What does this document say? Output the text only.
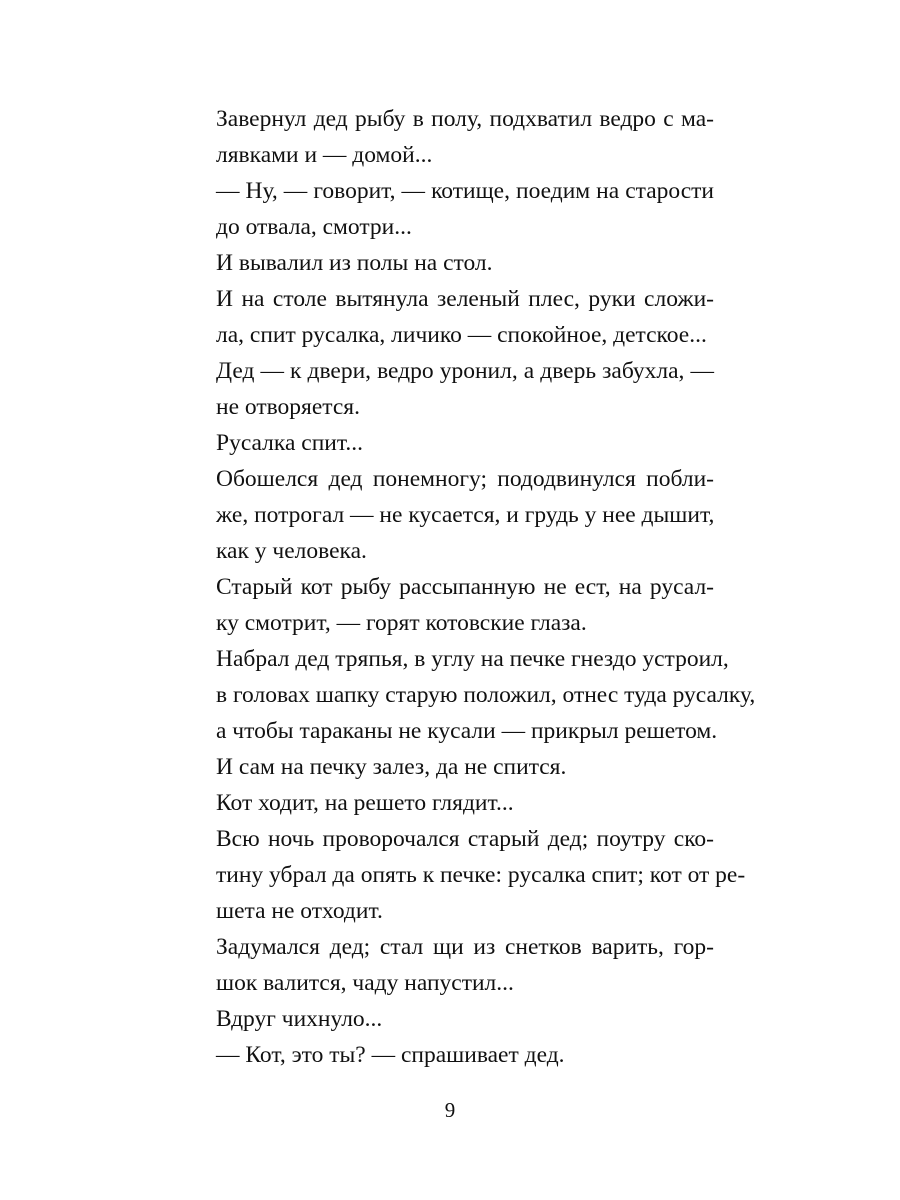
Завернул дед рыбу в полу, подхватил ведро с ма-
лявками и — домой...

— Ну, — говорит, — котище, поедим на старости
до отвала, смотри...

И вывалил из полы на стол.

И на столе вытянула зеленый плес, руки сложи-
ла, спит русалка, личико — спокойное, детское...

Дед — к двери, ведро уронил, а дверь забухла, —
не отворяется.

Русалка спит...

Обошелся дед понемногу; пододвинулся побли-
же, потрогал — не кусается, и грудь у нее дышит,
как у человека.

Старый кот рыбу рассыпанную не ест, на русал-
ку смотрит, — горят котовские глаза.

Набрал дед тряпья, в углу на печке гнездо устроил,
в головах шапку старую положил, отнес туда русалку,
а чтобы тараканы не кусали — прикрыл решетом.

И сам на печку залез, да не спится.

Кот ходит, на решето глядит...

Всю ночь проворочался старый дед; поутру ско-
тину убрал да опять к печке: русалка спит; кот от ре-
шета не отходит.

Задумался дед; стал щи из снетков варить, гор-
шок валится, чаду напустил...

Вдруг чихнуло...

— Кот, это ты? — спрашивает дед.

9
